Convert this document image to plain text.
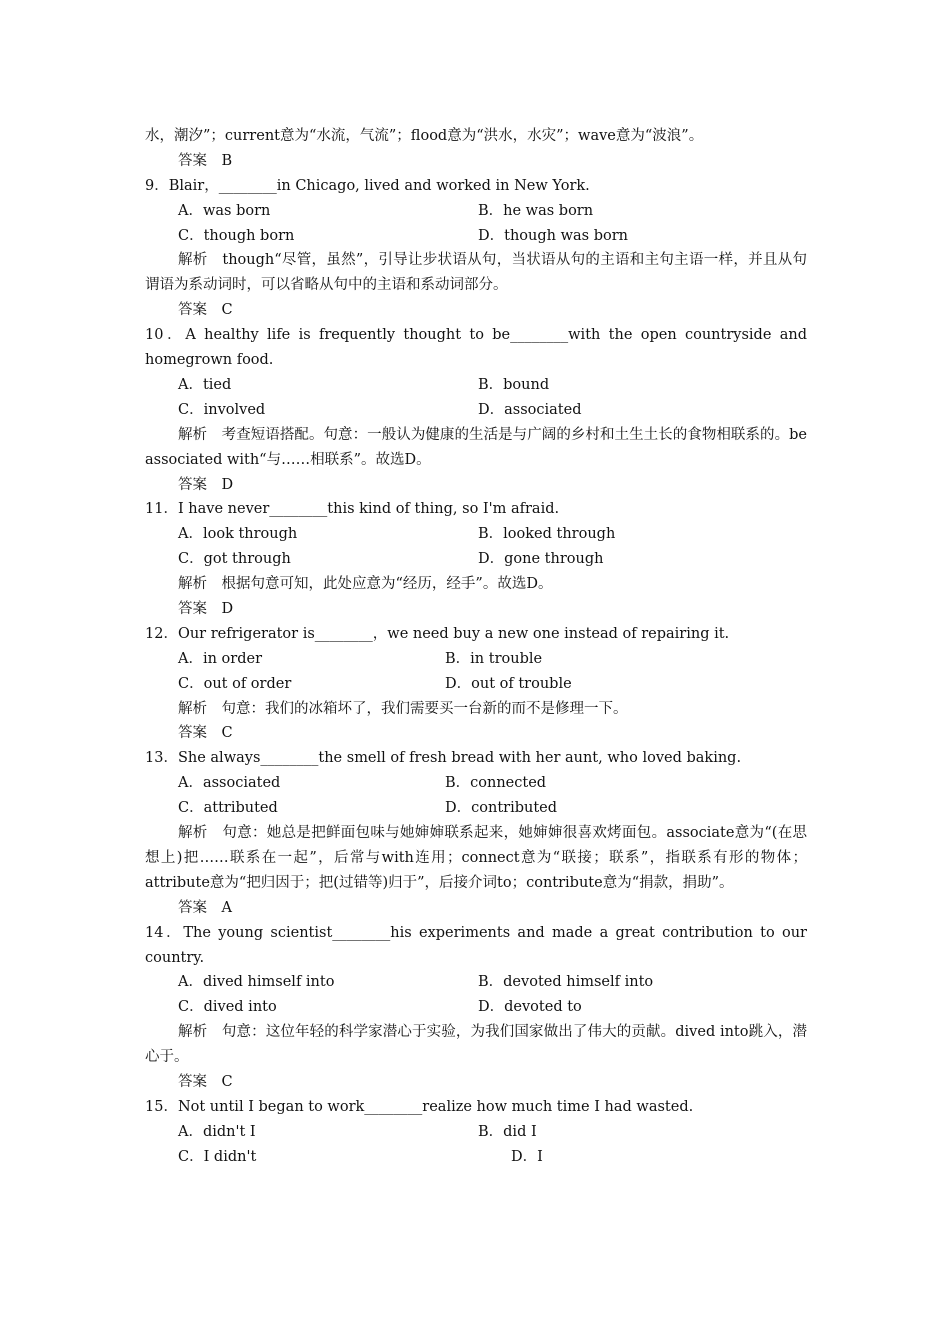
水，潮汐”；current意为“水流，气流”；flood意为“洪水，水灾”；wave意为“波浪”。
答案　B
9．Blair，________in Chicago, lived and worked in New York.
A．was born	B．he was born
C．though born	D．though was born
解析　though“尽管，虽然”，引导让步状语从句，当状语从句的主语和主句主语一样，并且从句谓语为系动词时，可以省略从句中的主语和系动词部分。
答案　C
10．A healthy life is frequently thought to be________with the open countryside and homegrown food.
A．tied	B．bound
C．involved	D．associated
解析　考查短语搭配。句意：一般认为健康的生活是与广阔的乡村和土生土长的食物相联系的。be associated with“与……相联系”。故选D。
答案　D
11．I have never________this kind of thing, so I'm afraid.
A．look through	B．looked through
C．got through	D．gone through
解析　根据句意可知，此处应意为“经历，经手”。故选D。
答案　D
12．Our refrigerator is________，we need buy a new one instead of repairing it.
A．in order	B．in trouble
C．out of order	D．out of trouble
解析　句意：我们的冰箱坏了，我们需要买一台新的而不是修理一下。
答案　C
13．She always________the smell of fresh bread with her aunt, who loved baking.
A．associated	B．connected
C．attributed	D．contributed
解析　句意：她总是把鲜面包味与她婶婶联系起来，她婶婶很喜欢烤面包。associate意为“(在思想上)把……联系在一起”，后常与with连用；connect意为“联接；联系”，指联系有形的物体；attribute意为“把归因于；把(过错等)归于”，后接介词to；contribute意为“捐款，捐助”。
答案　A
14．The young scientist________his experiments and made a great contribution to our country.
A．dived himself into	B．devoted himself into
C．dived into	D．devoted to
解析　句意：这位年轻的科学家潜心于实验，为我们国家做出了伟大的贡献。dived into跳入，潜心于。
答案　C
15．Not until I began to work________realize how much time I had wasted.
A．didn't I	B．did I
C．I didn't	D．I
